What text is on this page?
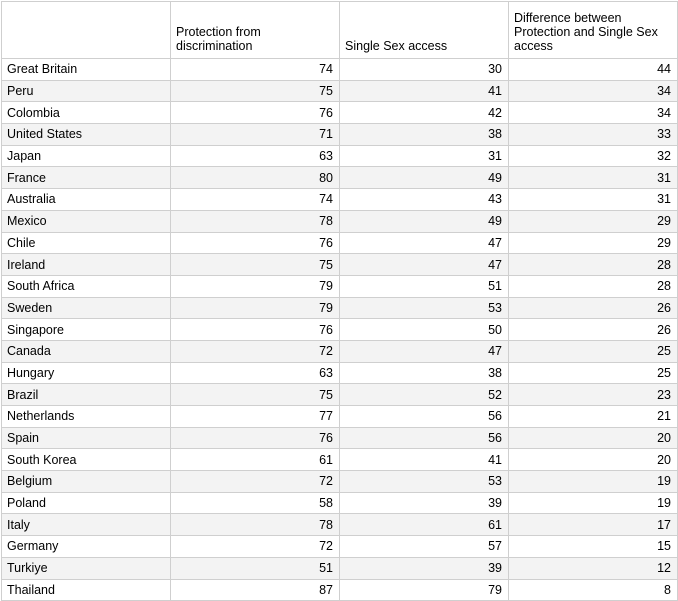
	Protection from discrimination	Single Sex access	Difference between Protection and Single Sex access
Great Britain	74	30	44
Peru	75	41	34
Colombia	76	42	34
United States	71	38	33
Japan	63	31	32
France	80	49	31
Australia	74	43	31
Mexico	78	49	29
Chile	76	47	29
Ireland	75	47	28
South Africa	79	51	28
Sweden	79	53	26
Singapore	76	50	26
Canada	72	47	25
Hungary	63	38	25
Brazil	75	52	23
Netherlands	77	56	21
Spain	76	56	20
South Korea	61	41	20
Belgium	72	53	19
Poland	58	39	19
Italy	78	61	17
Germany	72	57	15
Turkiye	51	39	12
Thailand	87	79	8
